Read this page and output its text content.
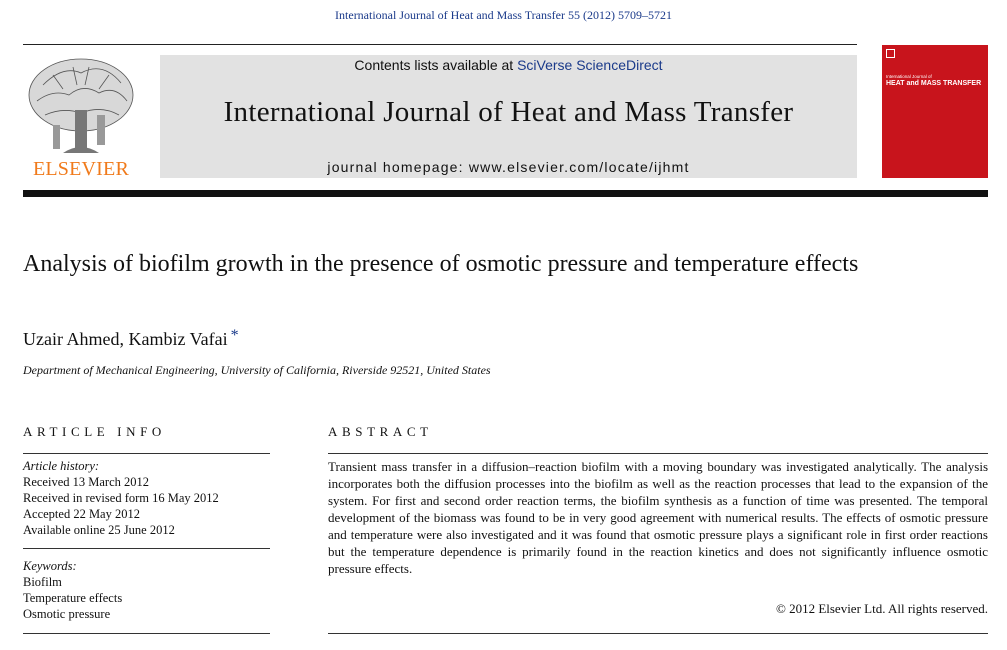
International Journal of Heat and Mass Transfer 55 (2012) 5709–5721
ELSEVIER
Contents lists available at SciVerse ScienceDirect
International Journal of Heat and Mass Transfer
journal homepage: www.elsevier.com/locate/ijhmt
International Journal of
HEAT and MASS TRANSFER
Analysis of biofilm growth in the presence of osmotic pressure and temperature effects
Uzair Ahmed, Kambiz Vafai *
Department of Mechanical Engineering, University of California, Riverside 92521, United States
ARTICLE INFO	ABSTRACT
Article history:
Received 13 March 2012
Received in revised form 16 May 2012
Accepted 22 May 2012
Available online 25 June 2012
Keywords:
Biofilm
Temperature effects
Osmotic pressure
Transient mass transfer in a diffusion–reaction biofilm with a moving boundary was investigated analytically. The analysis incorporates both the diffusion processes into the biofilm as well as the reaction processes that lead to the expansion of the system. For first and second order reaction terms, the biofilm synthesis as a function of time was presented. The temporal development of the biomass was found to be in very good agreement with numerical results. The effects of osmotic pressure and temperature were also investigated and it was found that osmotic pressure plays a significant role in first order reactions but the temperature dependence is primarily found in the reaction kinetics and does not significantly influence osmotic pressure effects.
© 2012 Elsevier Ltd. All rights reserved.
